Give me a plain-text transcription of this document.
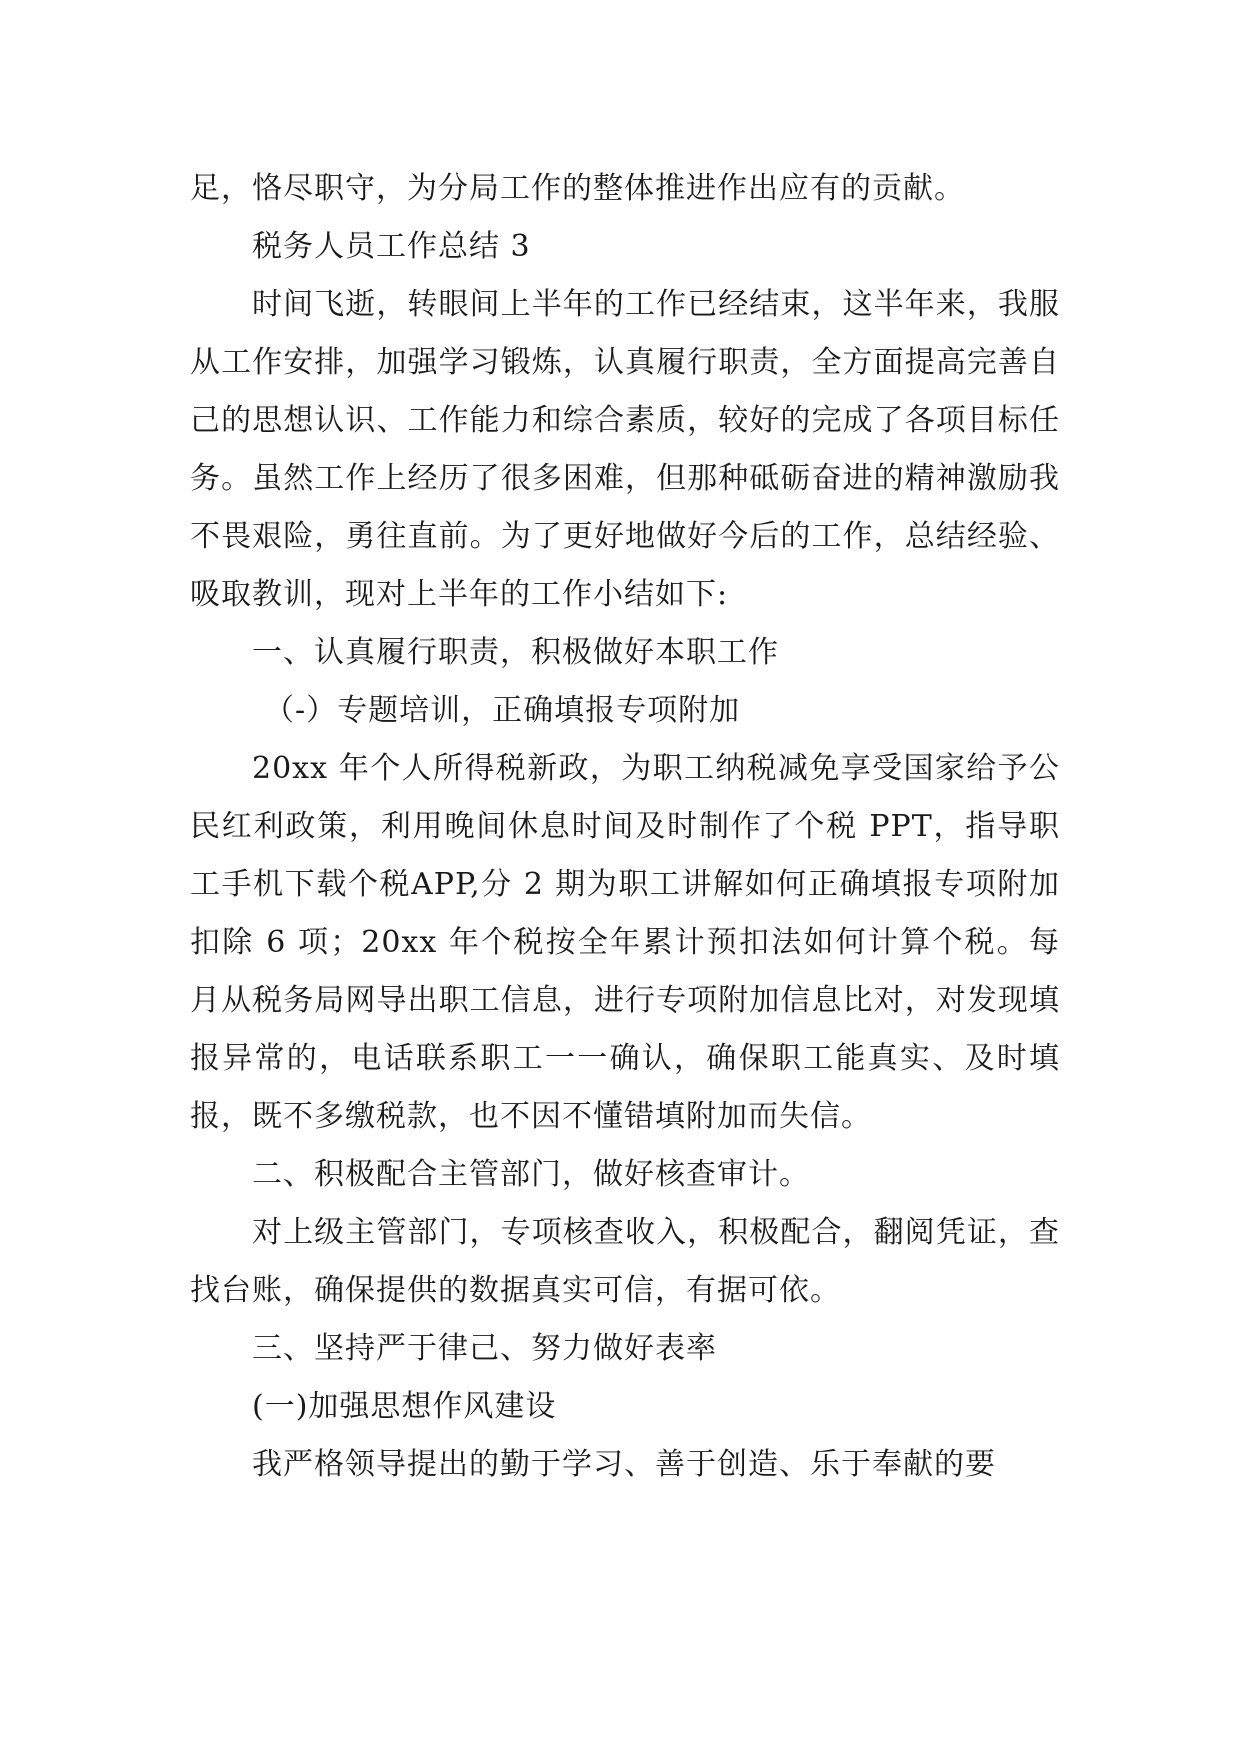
足，恪尽职守，为分局工作的整体推进作出应有的贡献。

税务人员工作总结 3

时间飞逝，转眼间上半年的工作已经结束，这半年来，我服从工作安排，加强学习锻炼，认真履行职责，全方面提高完善自己的思想认识、工作能力和综合素质，较好的完成了各项目标任务。虽然工作上经历了很多困难，但那种砥砺奋进的精神激励我不畏艰险，勇往直前。为了更好地做好今后的工作，总结经验、吸取教训，现对上半年的工作小结如下:

一、认真履行职责，积极做好本职工作

（-）专题培训，正确填报专项附加

20xx 年个人所得税新政，为职工纳税减免享受国家给予公民红利政策，利用晚间休息时间及时制作了个税 PPT，指导职工手机下载个税APP,分 2 期为职工讲解如何正确填报专项附加扣除 6 项；20xx 年个税按全年累计预扣法如何计算个税。每月从税务局网导出职工信息，进行专项附加信息比对，对发现填报异常的，电话联系职工一一确认，确保职工能真实、及时填报，既不多缴税款，也不因不懂错填附加而失信。

二、积极配合主管部门，做好核查审计。

对上级主管部门，专项核查收入，积极配合，翻阅凭证，查找台账，确保提供的数据真实可信，有据可依。

三、坚持严于律己、努力做好表率

(一)加强思想作风建设

我严格领导提出的勤于学习、善于创造、乐于奉献的要
